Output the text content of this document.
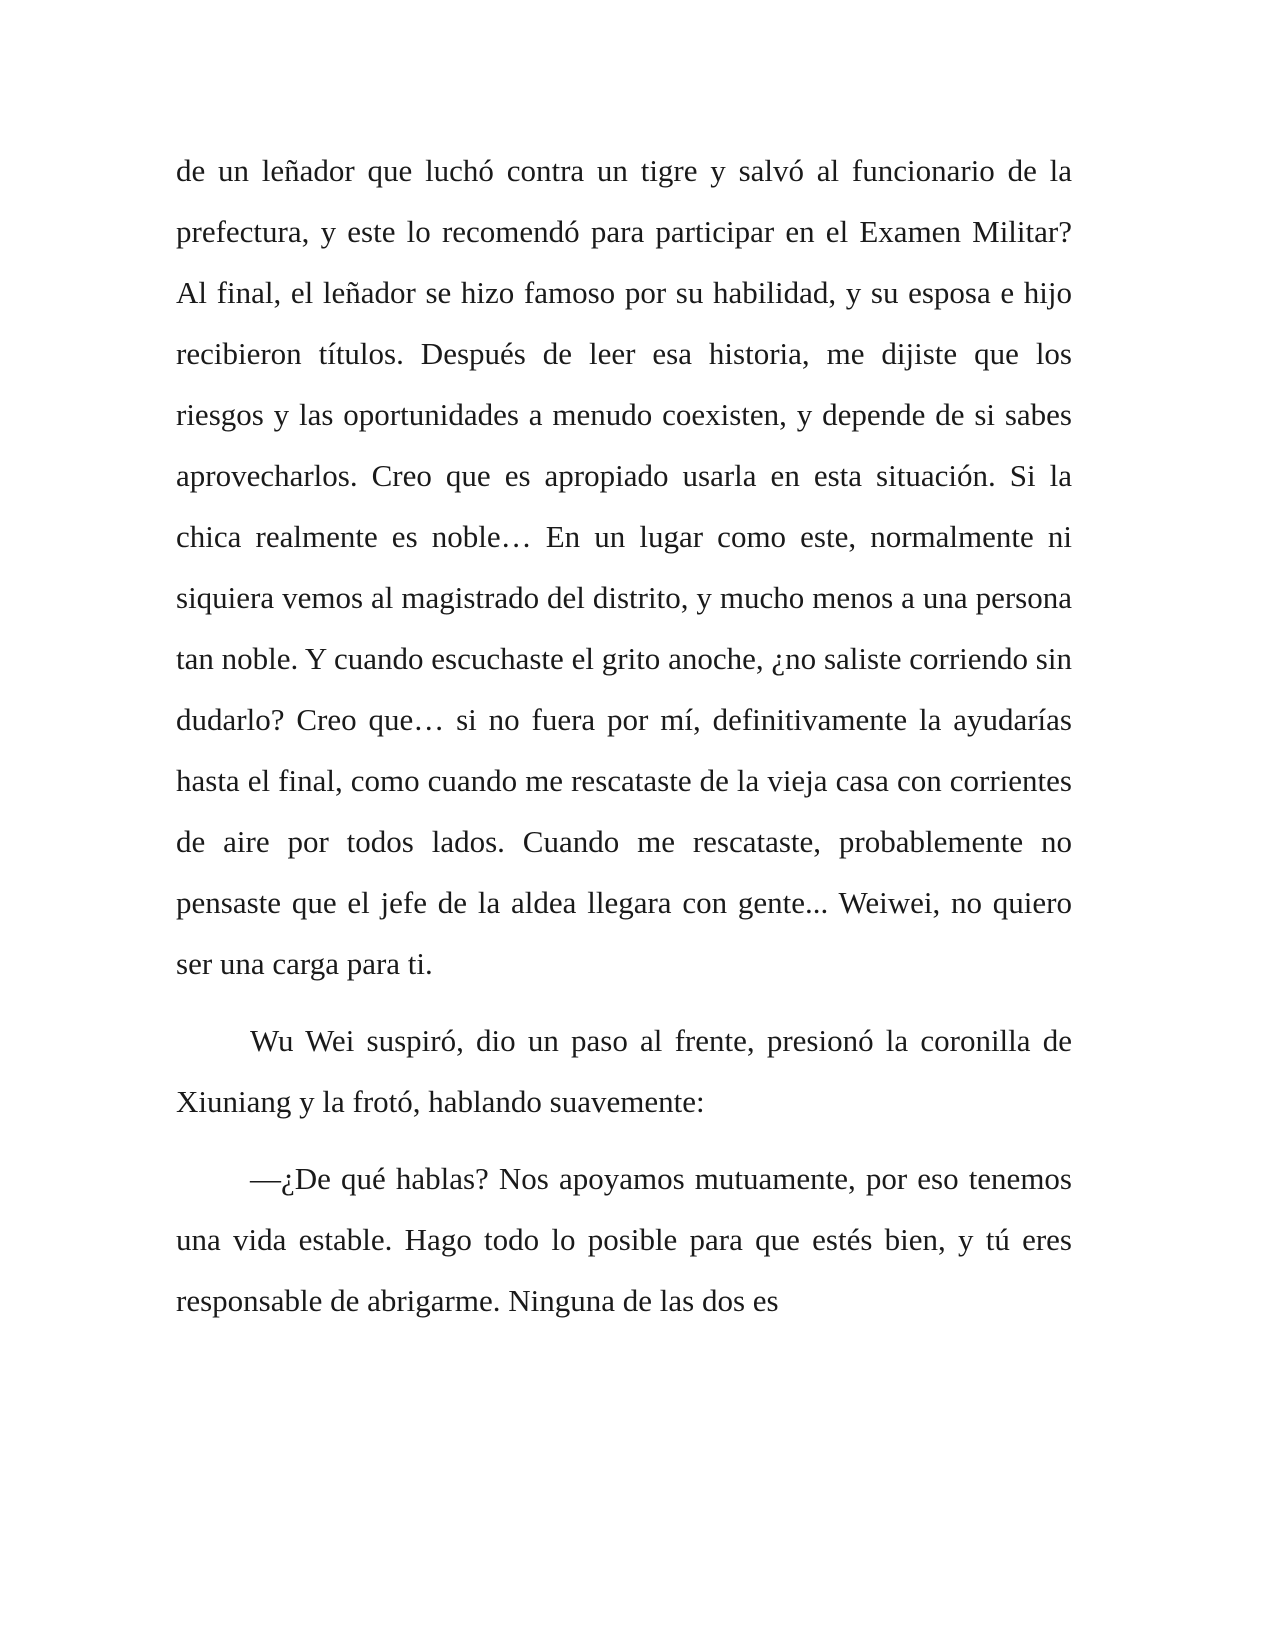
de un leñador que luchó contra un tigre y salvó al funcionario de la prefectura, y este lo recomendó para participar en el Examen Militar? Al final, el leñador se hizo famoso por su habilidad, y su esposa e hijo recibieron títulos. Después de leer esa historia, me dijiste que los riesgos y las oportunidades a menudo coexisten, y depende de si sabes aprovecharlos. Creo que es apropiado usarla en esta situación. Si la chica realmente es noble… En un lugar como este, normalmente ni siquiera vemos al magistrado del distrito, y mucho menos a una persona tan noble. Y cuando escuchaste el grito anoche, ¿no saliste corriendo sin dudarlo? Creo que… si no fuera por mí, definitivamente la ayudarías hasta el final, como cuando me rescataste de la vieja casa con corrientes de aire por todos lados. Cuando me rescataste, probablemente no pensaste que el jefe de la aldea llegara con gente... Weiwei, no quiero ser una carga para ti.

Wu Wei suspiró, dio un paso al frente, presionó la coronilla de Xiuniang y la frotó, hablando suavemente:

—¿De qué hablas? Nos apoyamos mutuamente, por eso tenemos una vida estable. Hago todo lo posible para que estés bien, y tú eres responsable de abrigarme. Ninguna de las dos es
